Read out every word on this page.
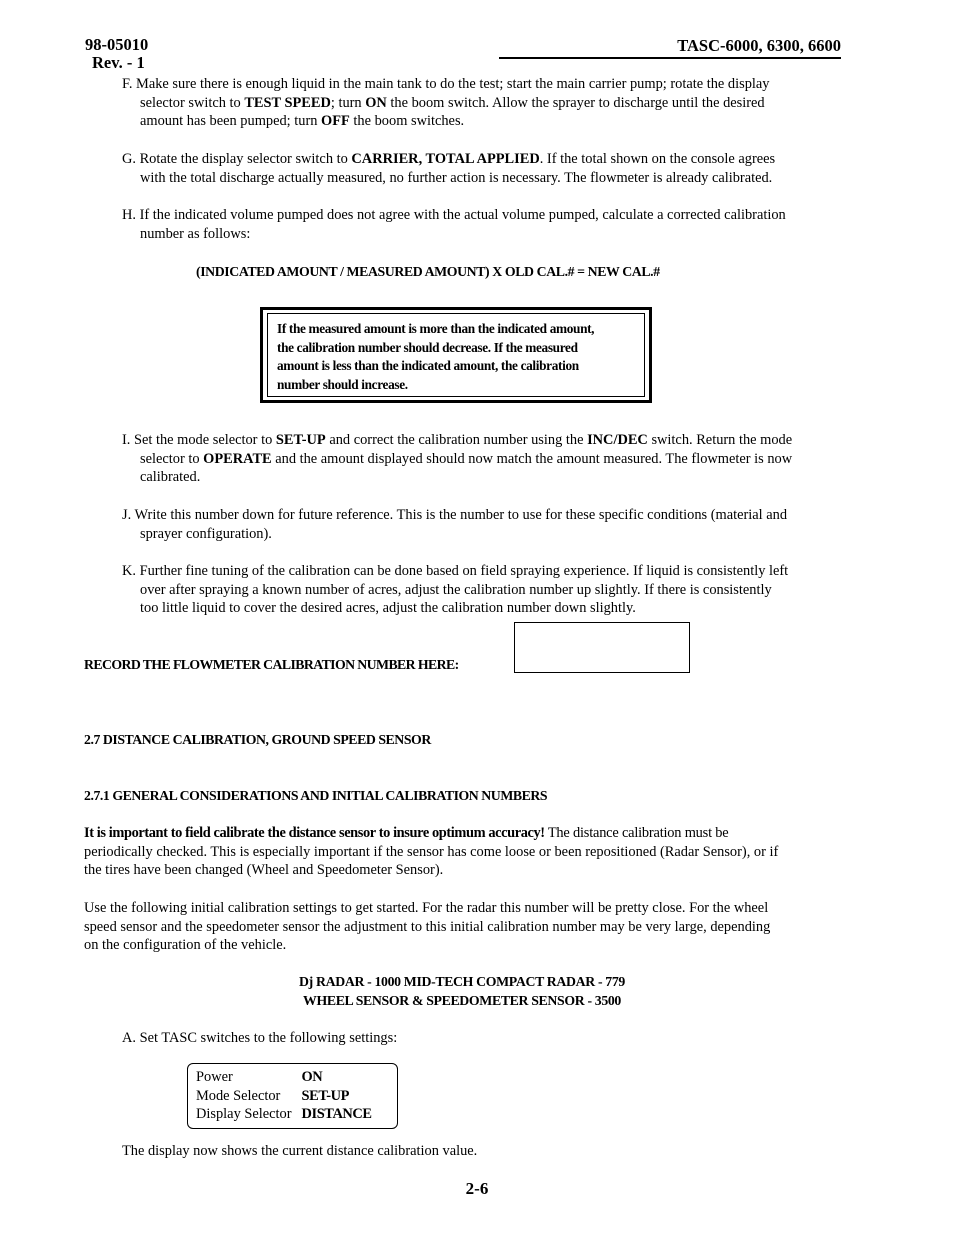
98-05010
Rev. - 1
TASC-6000, 6300, 6600
F. Make sure there is enough liquid in the main tank to do the test; start the main carrier pump; rotate the display
selector switch to TEST SPEED; turn ON the boom switch. Allow the sprayer to discharge until the desired
amount has been pumped; turn OFF the boom switches.
G. Rotate the display selector switch to CARRIER, TOTAL APPLIED. If the total shown on the console agrees
with the total discharge actually measured, no further action is necessary. The flowmeter is already calibrated.
H. If the indicated volume pumped does not agree with the actual volume pumped, calculate a corrected calibration
number as follows:
(INDICATED AMOUNT / MEASURED AMOUNT) X OLD CAL.# = NEW CAL.#
If the measured amount is more than the indicated amount,
the calibration number should decrease. If the measured
amount is less than the indicated amount, the calibration
number should increase.
I. Set the mode selector to SET-UP and correct the calibration number using the INC/DEC switch. Return the mode
selector to OPERATE and the amount displayed should now match the amount measured. The flowmeter is now
calibrated.
J. Write this number down for future reference. This is the number to use for these specific conditions (material and
sprayer configuration).
K. Further fine tuning of the calibration can be done based on field spraying experience. If liquid is consistently left
over after spraying a known number of acres, adjust the calibration number up slightly. If there is consistently
too little liquid to cover the desired acres, adjust the calibration number down slightly.
RECORD THE FLOWMETER CALIBRATION NUMBER HERE:
2.7 DISTANCE CALIBRATION, GROUND SPEED SENSOR
2.7.1 GENERAL CONSIDERATIONS AND INITIAL CALIBRATION NUMBERS
It is important to field calibrate the distance sensor to insure optimum accuracy! The distance calibration must be
periodically checked. This is especially important if the sensor has come loose or been repositioned (Radar Sensor), or if
the tires have been changed (Wheel and Speedometer Sensor).
Use the following initial calibration settings to get started. For the radar this number will be pretty close. For the wheel
speed sensor and the speedometer sensor the adjustment to this initial calibration number may be very large, depending
on the configuration of the vehicle.
Dj RADAR - 1000 MID-TECH COMPACT RADAR - 779
WHEEL SENSOR & SPEEDOMETER SENSOR - 3500
A. Set TASC switches to the following settings:
Power	ON
Mode Selector	SET-UP
Display Selector	DISTANCE
The display now shows the current distance calibration value.
2-6
